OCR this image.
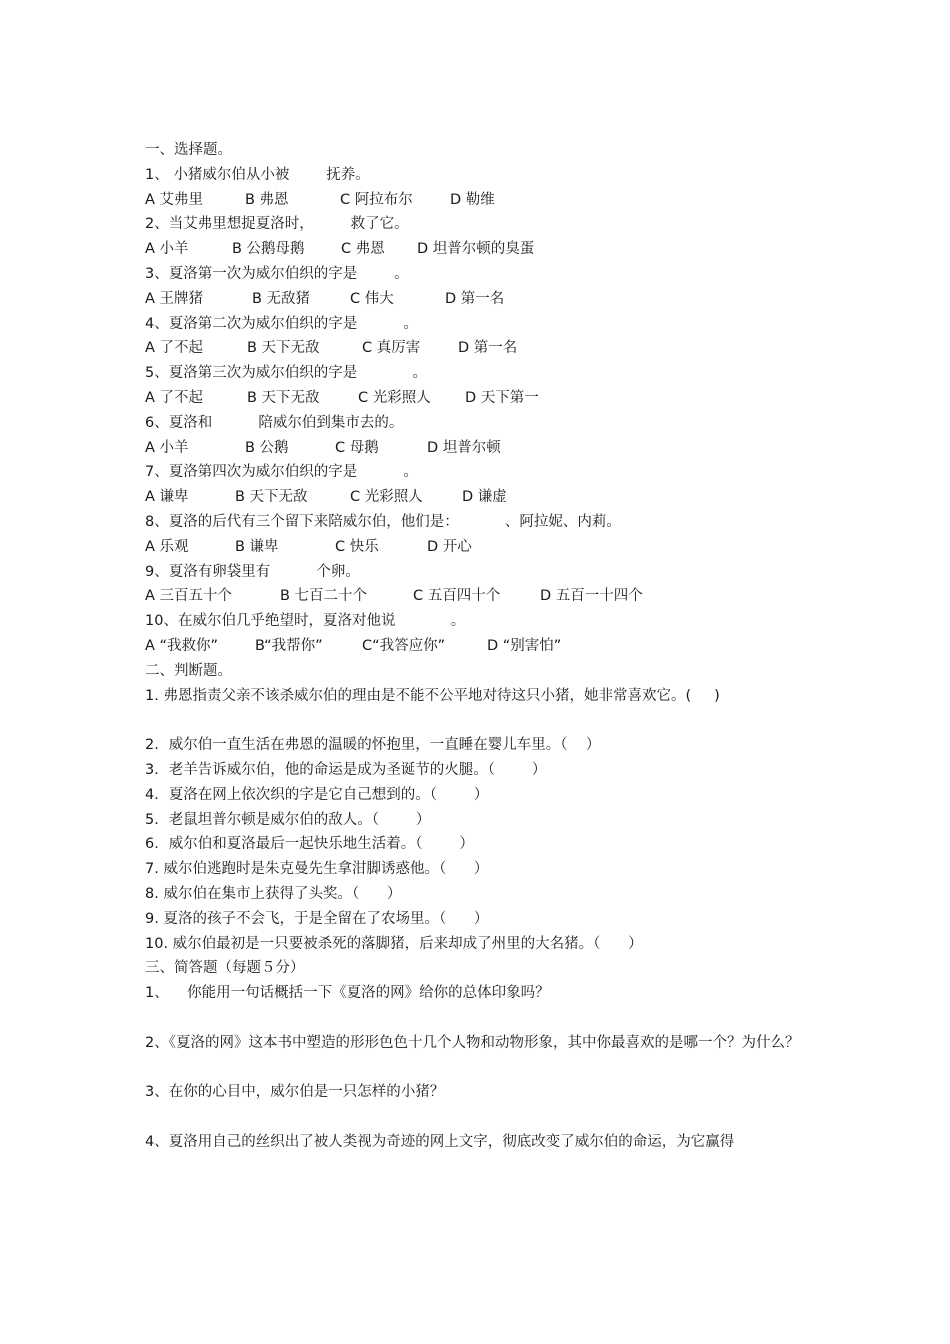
一、选择题。

1、 小猪威尔伯从小被        抚养。

A 艾弗里	B 弗恩	C 阿拉布尔	D 勒维

2、当艾弗里想捉夏洛时，        救了它。

A 小羊	B 公鹅母鹅	C 弗恩 D 坦普尔顿的臭蛋

3、夏洛第一次为威尔伯织的字是        。

A 王牌猪	B 无敌猪	C 伟大	D 第一名

4、夏洛第二次为威尔伯织的字是          。

A 了不起	B 天下无敌	C 真厉害	D 第一名

5、夏洛第三次为威尔伯织的字是            。

A 了不起	B 天下无敌	C 光彩照人 D 天下第一

6、夏洛和          陪威尔伯到集市去的。

A 小羊	B 公鹅	C 母鹅	D 坦普尔顿

7、夏洛第四次为威尔伯织的字是          。

A 谦卑	B 天下无敌	C 光彩照人	D 谦虚

8、夏洛的后代有三个留下来陪威尔伯，他们是：          、阿拉妮、内莉。

A 乐观	B 谦卑	C 快乐	D 开心

9、夏洛有卵袋里有          个卵。

A 三百五十个	B 七百二十个	C 五百四十个	D 五百一十四个

10、在威尔伯几乎绝望时，夏洛对他说            。

A “我救你”	B“我帮你”	C“我答应你”	D “别害怕”

二、判断题。

1. 弗恩指责父亲不该杀威尔伯的理由是不能不公平地对待这只小猪，她非常喜欢它。(     )

2．威尔伯一直生活在弗恩的温暖的怀抱里，一直睡在婴儿车里。（    ）

3．老羊告诉威尔伯，他的命运是成为圣诞节的火腿。（        ）

4．夏洛在网上依次织的字是它自己想到的。（        ）

5．老鼠坦普尔顿是威尔伯的敌人。（        ）

6．威尔伯和夏洛最后一起快乐地生活着。（        ）

7. 威尔伯逃跑时是朱克曼先生拿泔脚诱惑他。（      ）

8. 威尔伯在集市上获得了头奖。（      ）

9. 夏洛的孩子不会飞，于是全留在了农场里。（      ）

10. 威尔伯最初是一只要被杀死的落脚猪，后来却成了州里的大名猪。（      ）

三、简答题（每题５分）

1、    你能用一句话概括一下《夏洛的网》给你的总体印象吗？

2、《夏洛的网》这本书中塑造的形形色色十几个人物和动物形象，其中你最喜欢的是哪一个？为什么？

3、在你的心目中，威尔伯是一只怎样的小猪？

4、夏洛用自己的丝织出了被人类视为奇迹的网上文字，彻底改变了威尔伯的命运，为它赢得
